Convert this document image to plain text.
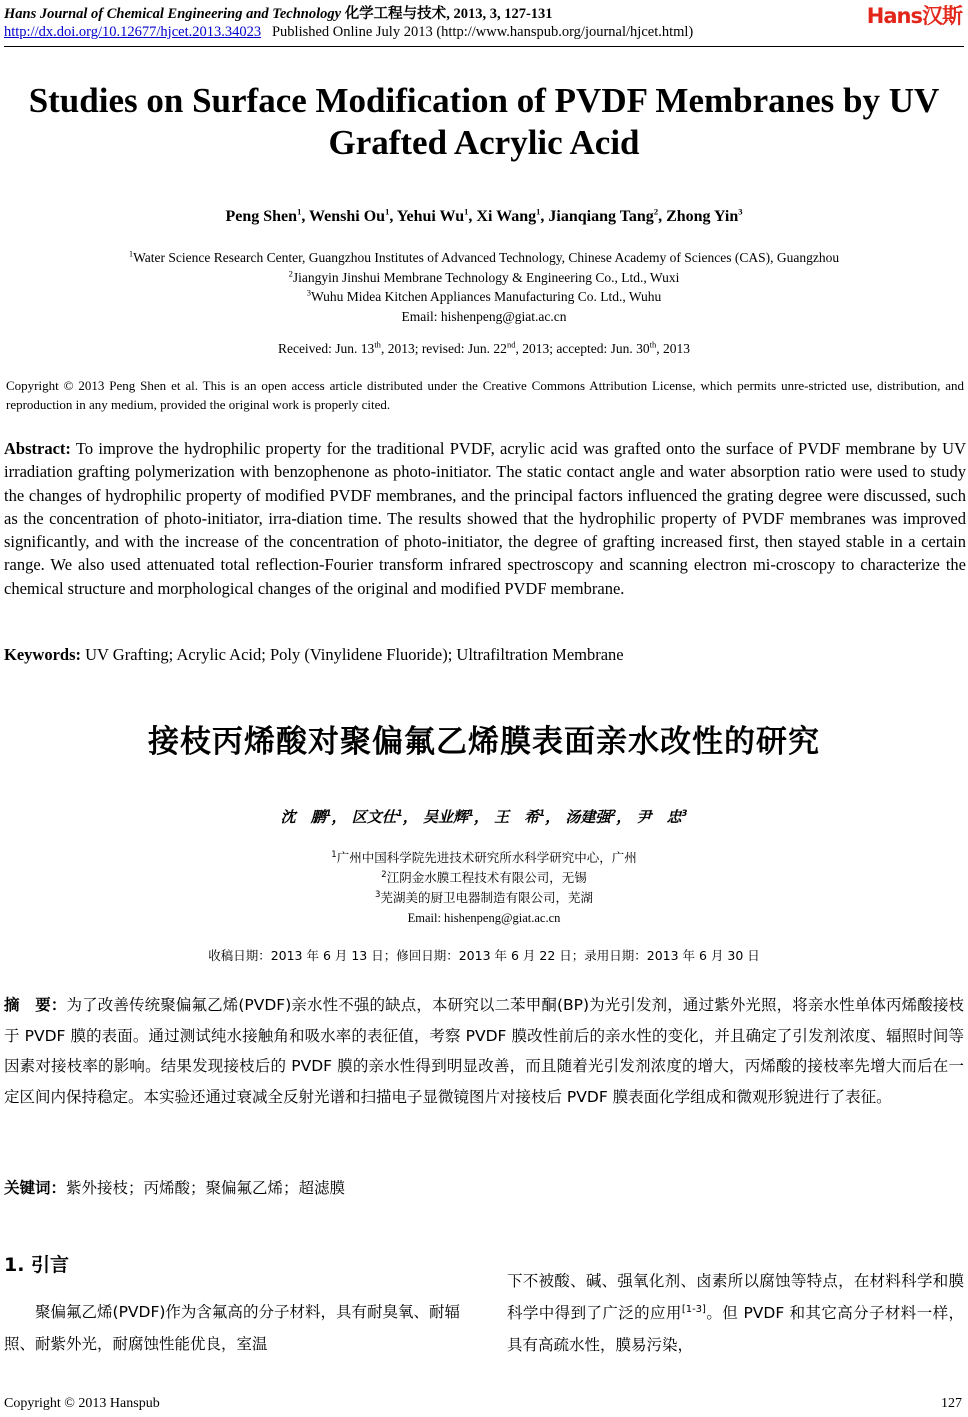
Hans Journal of Chemical Engineering and Technology 化学工程与技术, 2013, 3, 127-131
http://dx.doi.org/10.12677/hjcet.2013.34023 Published Online July 2013 (http://www.hanspub.org/journal/hjcet.html)
Hans汉斯
Studies on Surface Modification of PVDF Membranes by UV
Grafted Acrylic Acid
Peng Shen$^1$, Wenshi Ou$^1$, Yehui Wu$^1$, Xi Wang$^1$, Jianqiang Tang$^2$, Zhong Yin$^3$
$^1$Water Science Research Center, Guangzhou Institutes of Advanced Technology, Chinese Academy of Sciences (CAS), Guangzhou
$^2$Jiangyin Jinshui Membrane Technology & Engineering Co., Ltd., Wuxi
$^3$Wuhu Midea Kitchen Appliances Manufacturing Co. Ltd., Wuhu
Email: hishenpeng@giat.ac.cn
Received: Jun. 13th, 2013; revised: Jun. 22nd, 2013; accepted: Jun. 30th, 2013
Copyright © 2013 Peng Shen et al. This is an open access article distributed under the Creative Commons Attribution License, which permits unre-stricted use, distribution, and reproduction in any medium, provided the original work is properly cited.
Abstract: To improve the hydrophilic property for the traditional PVDF, acrylic acid was grafted onto the surface of PVDF membrane by UV irradiation grafting polymerization with benzophenone as photo-initiator. The static contact angle and water absorption ratio were used to study the changes of hydrophilic property of modified PVDF membranes, and the principal factors influenced the grating degree were discussed, such as the concentration of photo-initiator, irra-diation time. The results showed that the hydrophilic property of PVDF membranes was improved significantly, and with the increase of the concentration of photo-initiator, the degree of grafting increased first, then stayed stable in a certain range. We also used attenuated total reflection-Fourier transform infrared spectroscopy and scanning electron mi-croscopy to characterize the chemical structure and morphological changes of the original and modified PVDF membrane.
Keywords: UV Grafting; Acrylic Acid; Poly (Vinylidene Fluoride); Ultrafiltration Membrane
接枝丙烯酸对聚偏氟乙烯膜表面亲水改性的研究
沈　鹏$^1$， 区文仕$^1$， 吴业辉$^1$， 王　希$^1$， 汤建强$^2$， 尹　忠$^3$
$^1$广州中国科学院先进技术研究所水科学研究中心，广州
$^2$江阴金水膜工程技术有限公司，无锡
$^3$芜湖美的厨卫电器制造有限公司，芜湖
Email: hishenpeng@giat.ac.cn
收稿日期：2013 年 6 月 13 日；修回日期：2013 年 6 月 22 日；录用日期：2013 年 6 月 30 日
摘　要：为了改善传统聚偏氟乙烯(PVDF)亲水性不强的缺点，本研究以二苯甲酮(BP)为光引发剂，通过紫外光照，将亲水性单体丙烯酸接枝于 PVDF 膜的表面。通过测试纯水接触角和吸水率的表征值，考察 PVDF 膜改性前后的亲水性的变化，并且确定了引发剂浓度、辐照时间等因素对接枝率的影响。结果发现接枝后的 PVDF 膜的亲水性得到明显改善，而且随着光引发剂浓度的增大，丙烯酸的接枝率先增大而后在一定区间内保持稳定。本实验还通过衰减全反射光谱和扫描电子显微镜图片对接枝后 PVDF 膜表面化学组成和微观形貌进行了表征。
关键词：紫外接枝；丙烯酸；聚偏氟乙烯；超滤膜
1. 引言
聚偏氟乙烯(PVDF)作为含氟高的分子材料，具有耐臭氧、耐辐照、耐紫外光，耐腐蚀性能优良，室温
下不被酸、碱、强氧化剂、卤素所以腐蚀等特点，在材料科学和膜科学中得到了广泛的应用[1-3]。但 PVDF 和其它高分子材料一样，具有高疏水性，膜易污染，
Copyright © 2013 Hanspub	127
